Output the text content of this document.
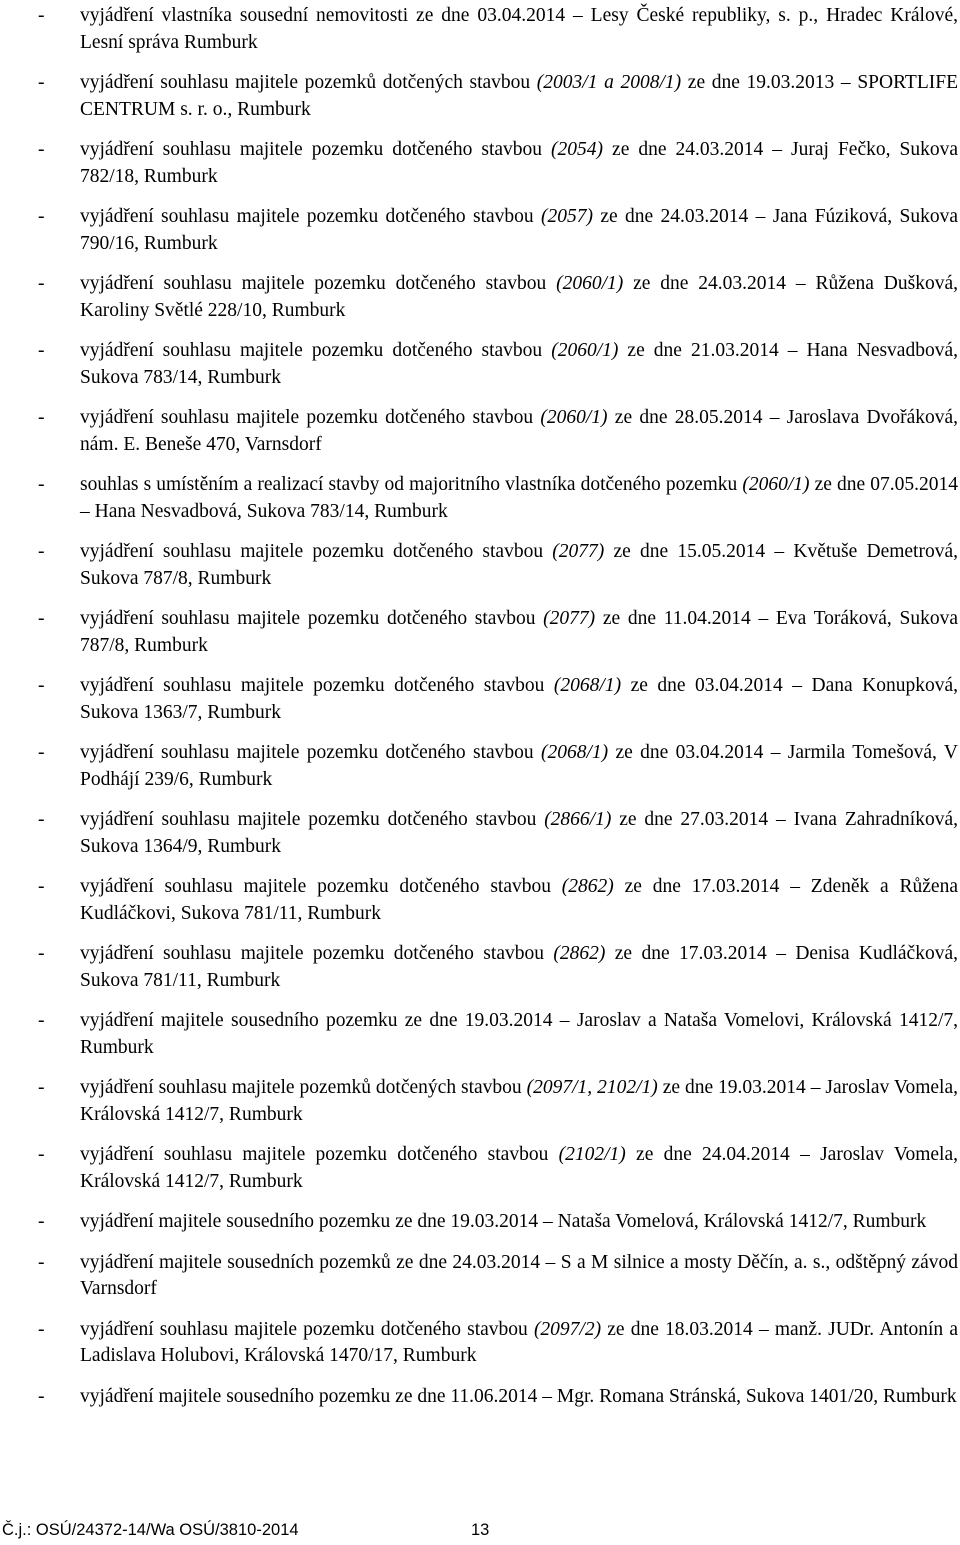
- vyjádření vlastníka sousední nemovitosti ze dne 03.04.2014 – Lesy České republiky, s. p., Hradec Králové, Lesní správa Rumburk
- vyjádření souhlasu majitele pozemků dotčených stavbou (2003/1 a 2008/1) ze dne 19.03.2013 – SPORTLIFE CENTRUM s. r. o., Rumburk
- vyjádření souhlasu majitele pozemku dotčeného stavbou (2054) ze dne 24.03.2014 – Juraj Fečko, Sukova 782/18, Rumburk
- vyjádření souhlasu majitele pozemku dotčeného stavbou (2057) ze dne 24.03.2014 – Jana Fúziková, Sukova 790/16, Rumburk
- vyjádření souhlasu majitele pozemku dotčeného stavbou (2060/1) ze dne 24.03.2014 – Růžena Dušková, Karoliny Světlé 228/10, Rumburk
- vyjádření souhlasu majitele pozemku dotčeného stavbou (2060/1) ze dne 21.03.2014 – Hana Nesvadbová, Sukova 783/14, Rumburk
- vyjádření souhlasu majitele pozemku dotčeného stavbou (2060/1) ze dne 28.05.2014 – Jaroslava Dvořáková, nám. E. Beneše 470, Varnsdorf
- souhlas s umístěním a realizací stavby od majoritního vlastníka dotčeného pozemku (2060/1) ze dne 07.05.2014 – Hana Nesvadbová, Sukova 783/14, Rumburk
- vyjádření souhlasu majitele pozemku dotčeného stavbou (2077) ze dne 15.05.2014 – Květuše Demetrová, Sukova 787/8, Rumburk
- vyjádření souhlasu majitele pozemku dotčeného stavbou (2077) ze dne 11.04.2014 – Eva Toráková, Sukova 787/8, Rumburk
- vyjádření souhlasu majitele pozemku dotčeného stavbou (2068/1) ze dne 03.04.2014 – Dana Konupková, Sukova 1363/7, Rumburk
- vyjádření souhlasu majitele pozemku dotčeného stavbou (2068/1) ze dne 03.04.2014 – Jarmila Tomešová, V Podhájí 239/6, Rumburk
- vyjádření souhlasu majitele pozemku dotčeného stavbou (2866/1) ze dne 27.03.2014 – Ivana Zahradníková, Sukova 1364/9, Rumburk
- vyjádření souhlasu majitele pozemku dotčeného stavbou (2862) ze dne 17.03.2014 – Zdeněk a Růžena Kudláčkovi, Sukova 781/11, Rumburk
- vyjádření souhlasu majitele pozemku dotčeného stavbou (2862) ze dne 17.03.2014 – Denisa Kudláčková, Sukova 781/11, Rumburk
- vyjádření majitele sousedního pozemku ze dne 19.03.2014 – Jaroslav a Nataša Vomelovi, Královská 1412/7, Rumburk
- vyjádření souhlasu majitele pozemků dotčených stavbou (2097/1, 2102/1) ze dne 19.03.2014 – Jaroslav Vomela, Královská 1412/7, Rumburk
- vyjádření souhlasu majitele pozemku dotčeného stavbou (2102/1) ze dne 24.04.2014 – Jaroslav Vomela, Královská 1412/7, Rumburk
- vyjádření majitele sousedního pozemku ze dne 19.03.2014 – Nataša Vomelová, Královská 1412/7, Rumburk
- vyjádření majitele sousedních pozemků ze dne 24.03.2014 – S a M silnice a mosty Děčín, a. s., odštěpný závod Varnsdorf
- vyjádření souhlasu majitele pozemku dotčeného stavbou (2097/2) ze dne 18.03.2014 – manž. JUDr. Antonín a Ladislava Holubovi, Královská 1470/17, Rumburk
- vyjádření majitele sousedního pozemku ze dne 11.06.2014 – Mgr. Romana Stránská, Sukova 1401/20, Rumburk
Č.j.: OSÚ/24372-14/Wa OSÚ/3810-2014	13
